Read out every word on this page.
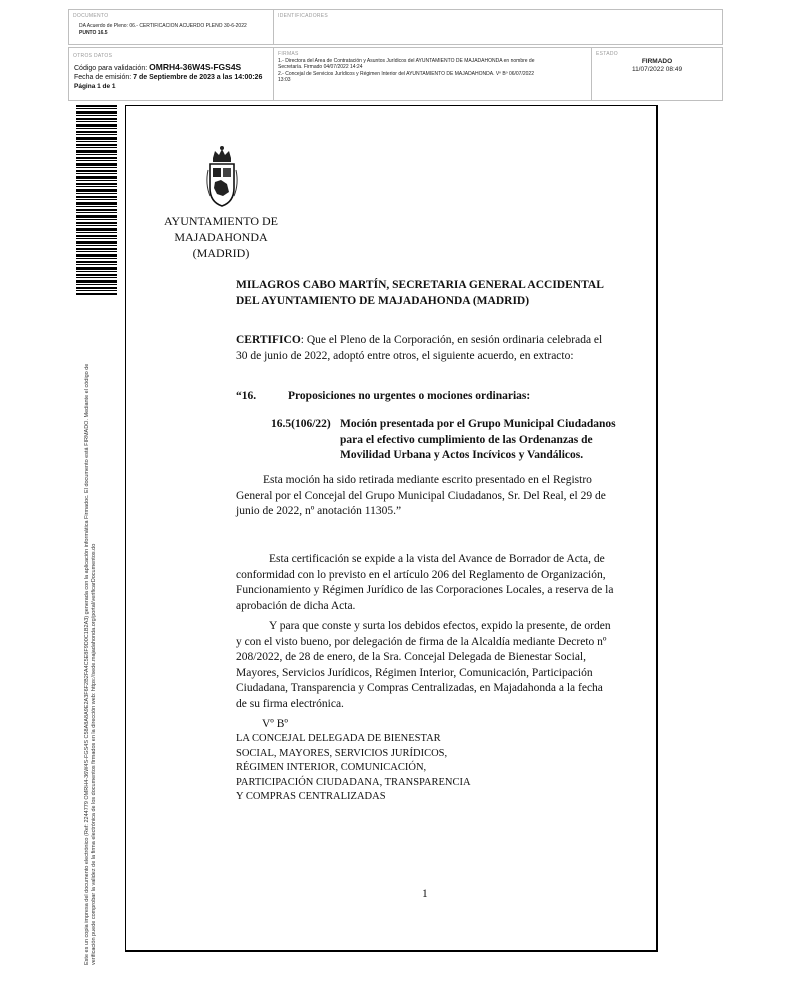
DOCUMENTO
DA Acuerdo de Pleno: 06.- CERTIFICACION ACUERDO PLENO 30-6-2022
PUNTO 16.5
IDENTIFICADORES
OTROS DATOS
Código para validación: OMRH4-36W4S-FGS4S
Fecha de emisión: 7 de Septiembre de 2023 a las 14:00:26
Página 1 de 1
FIRMAS
1.- Directora del Area de Contratación y Asuntos Jurídicos del AYUNTAMIENTO DE MAJADAHONDA en nombre de
Secretaría. Firmado 04/07/2022 14:24
2.- Concejal de Servicios Jurídicos y Régimen Interior del AYUNTAMIENTO DE MAJADAHONDA. Vº Bº 06/07/2022
13:03
ESTADO
FIRMADO
11/07/2022 08:49
Este es un copia impresa del documento electrónico (Ref: 2244779 OMRH4-36W4S-FGS4S C58A8A8A9E2A3F6F2B2FA4C5E8F9D0C1B2A3) generada con la aplicación informática Firmadoc. El documento está FIRMADO. Mediante el código de verificación puede comprobar la validez de la firma electrónica de los documentos firmados en la dirección web: https://sede.majadahonda.org/portal/verificarDocumentos.do
AYUNTAMIENTO DE
MAJADAHONDA
(MADRID)
MILAGROS CABO MARTÍN, SECRETARIA GENERAL ACCIDENTAL
DEL AYUNTAMIENTO DE MAJADAHONDA (MADRID)
CERTIFICO: Que el Pleno de la Corporación, en sesión ordinaria celebrada el
30 de junio de 2022, adoptó entre otros, el siguiente acuerdo, en extracto:
“16.	Proposiciones no urgentes o mociones ordinarias:
16.5(106/22) Moción presentada por el Grupo Municipal Ciudadanos
para el efectivo cumplimiento de las Ordenanzas de
Movilidad Urbana y Actos Incívicos y Vandálicos.
Esta moción ha sido retirada mediante escrito presentado en el Registro
General por el Concejal del Grupo Municipal Ciudadanos, Sr. Del Real, el 29 de
junio de 2022, nº anotación 11305.”
Esta certificación se expide a la vista del Avance de Borrador de Acta, de
conformidad con lo previsto en el artículo 206 del Reglamento de Organización,
Funcionamiento y Régimen Jurídico de las Corporaciones Locales, a reserva de la
aprobación de dicha Acta.
Y para que conste y surta los debidos efectos, expido la presente, de orden
y con el visto bueno, por delegación de firma de la Alcaldía mediante Decreto nº
208/2022, de 28 de enero, de la Sra. Concejal Delegada de Bienestar Social,
Mayores, Servicios Jurídicos, Régimen Interior, Comunicación, Participación
Ciudadana, Transparencia y Compras Centralizadas, en Majadahonda a la fecha
de su firma electrónica.
Vº Bº
LA CONCEJAL DELEGADA DE BIENESTAR
SOCIAL, MAYORES, SERVICIOS JURÍDICOS,
RÉGIMEN INTERIOR, COMUNICACIÓN,
PARTICIPACIÓN CIUDADANA, TRANSPARENCIA
Y COMPRAS CENTRALIZADAS
1
